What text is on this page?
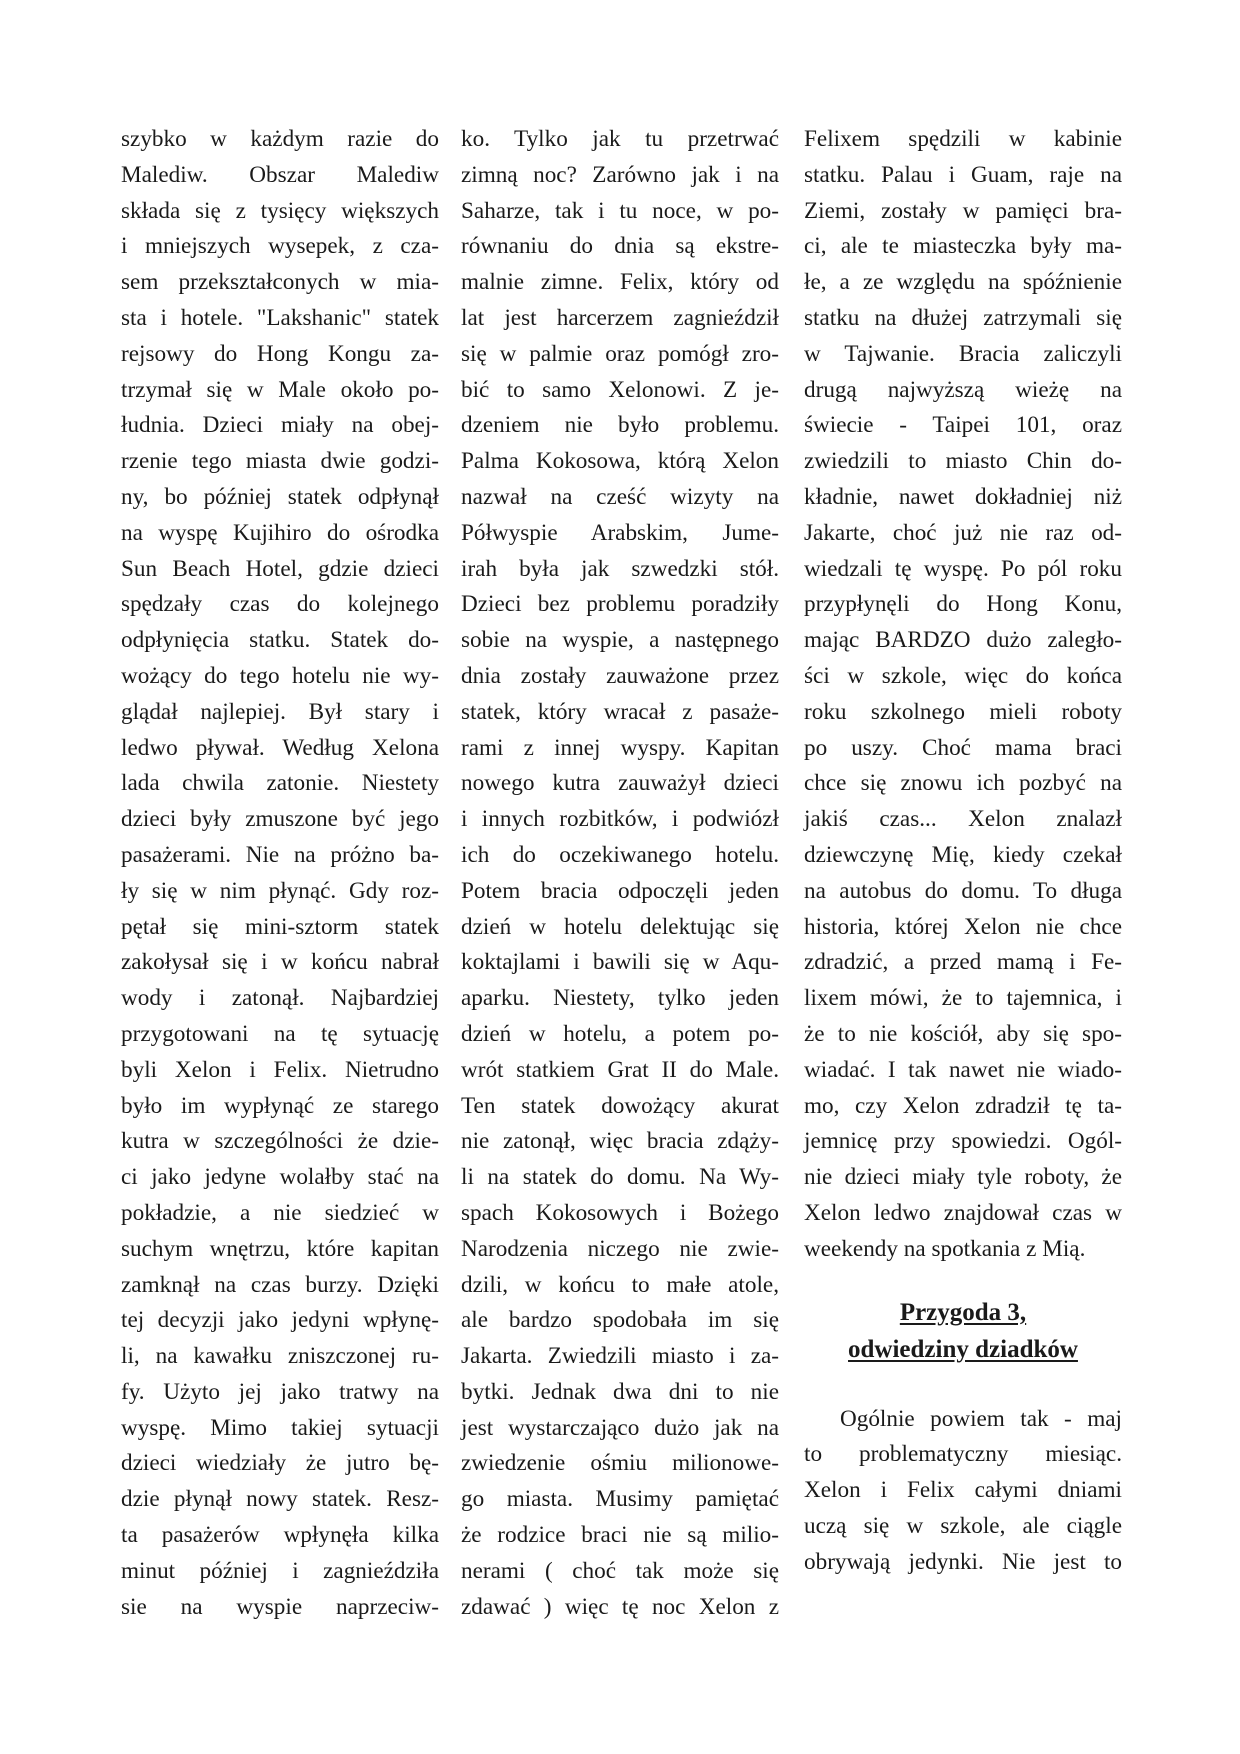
szybko w każdym razie do
Malediw. Obszar Malediw
składa się z tysięcy większych
i mniejszych wysepek, z cza-
sem przekształconych w mia-
sta i hotele. "Lakshanic" statek
rejsowy do Hong Kongu za-
trzymał się w Male około po-
łudnia. Dzieci miały na obej-
rzenie tego miasta dwie godzi-
ny, bo później statek odpłynął
na wyspę Kujihiro do ośrodka
Sun Beach Hotel, gdzie dzieci
spędzały czas do kolejnego
odpłynięcia statku. Statek do-
wożący do tego hotelu nie wy-
glądał najlepiej. Był stary i
ledwo pływał. Według Xelona
lada chwila zatonie. Niestety
dzieci były zmuszone być jego
pasażerami. Nie na próżno ba-
ły się w nim płynąć. Gdy roz-
pętał się mini-sztorm statek
zakołysał się i w końcu nabrał
wody i zatonął. Najbardziej
przygotowani na tę sytuację
byli Xelon i Felix. Nietrudno
było im wypłynąć ze starego
kutra w szczególności że dzie-
ci jako jedyne wolałby stać na
pokładzie, a nie siedzieć w
suchym wnętrzu, które kapitan
zamknął na czas burzy. Dzięki
tej decyzji jako jedyni wpłynę-
li, na kawałku zniszczonej ru-
fy. Użyto jej jako tratwy na
wyspę. Mimo takiej sytuacji
dzieci wiedziały że jutro bę-
dzie płynął nowy statek. Resz-
ta pasażerów wpłynęła kilka
minut później i zagnieździła
sie na wyspie naprzeciw-
ko. Tylko jak tu przetrwać
zimną noc? Zarówno jak i na
Saharze, tak i tu noce, w po-
równaniu do dnia są ekstre-
malnie zimne. Felix, który od
lat jest harcerzem zagnieździł
się w palmie oraz pomógł zro-
bić to samo Xelonowi. Z je-
dzeniem nie było problemu.
Palma Kokosowa, którą Xelon
nazwał na cześć wizyty na
Półwyspie Arabskim, Jume-
irah była jak szwedzki stół.
Dzieci bez problemu poradziły
sobie na wyspie, a następnego
dnia zostały zauważone przez
statek, który wracał z pasaże-
rami z innej wyspy. Kapitan
nowego kutra zauważył dzieci
i innych rozbitków, i podwiózł
ich do oczekiwanego hotelu.
Potem bracia odpoczęli jeden
dzień w hotelu delektując się
koktajlami i bawili się w Aqu-
aparku. Niestety, tylko jeden
dzień w hotelu, a potem po-
wrót statkiem Grat II do Male.
Ten statek dowożący akurat
nie zatonął, więc bracia zdąży-
li na statek do domu. Na Wy-
spach Kokosowych i Bożego
Narodzenia niczego nie zwie-
dzili, w końcu to małe atole,
ale bardzo spodobała im się
Jakarta. Zwiedzili miasto i za-
bytki. Jednak dwa dni to nie
jest wystarczająco dużo jak na
zwiedzenie ośmiu milionowe-
go miasta. Musimy pamiętać
że rodzice braci nie są milio-
nerami ( choć tak może się
zdawać ) więc tę noc Xelon z
Felixem spędzili w kabinie
statku. Palau i Guam, raje na
Ziemi, zostały w pamięci bra-
ci, ale te miasteczka były ma-
łe, a ze względu na spóźnienie
statku na dłużej zatrzymali się
w Tajwanie. Bracia zaliczyli
drugą najwyższą wieżę na
świecie - Taipei 101, oraz
zwiedzili to miasto Chin do-
kładnie, nawet dokładniej niż
Jakarte, choć już nie raz od-
wiedzali tę wyspę. Po pól roku
przypłynęli do Hong Konu,
mając BARDZO dużo zaległo-
ści w szkole, więc do końca
roku szkolnego mieli roboty
po uszy. Choć mama braci
chce się znowu ich pozbyć na
jakiś czas... Xelon znalazł
dziewczynę Mię, kiedy czekał
na autobus do domu. To długa
historia, której Xelon nie chce
zdradzić, a przed mamą i Fe-
lixem mówi, że to tajemnica, i
że to nie kościół, aby się spo-
wiadać. I tak nawet nie wiado-
mo, czy Xelon zdradził tę ta-
jemnicę przy spowiedzi. Ogól-
nie dzieci miały tyle roboty, że
Xelon ledwo znajdował czas w
weekendy na spotkania z Mią.
Przygoda 3,
odwiedziny dziadków
Ogólnie powiem tak - maj
to problematyczny miesiąc.
Xelon i Felix całymi dniami
uczą się w szkole, ale ciągle
obrywają jedynki. Nie jest to
